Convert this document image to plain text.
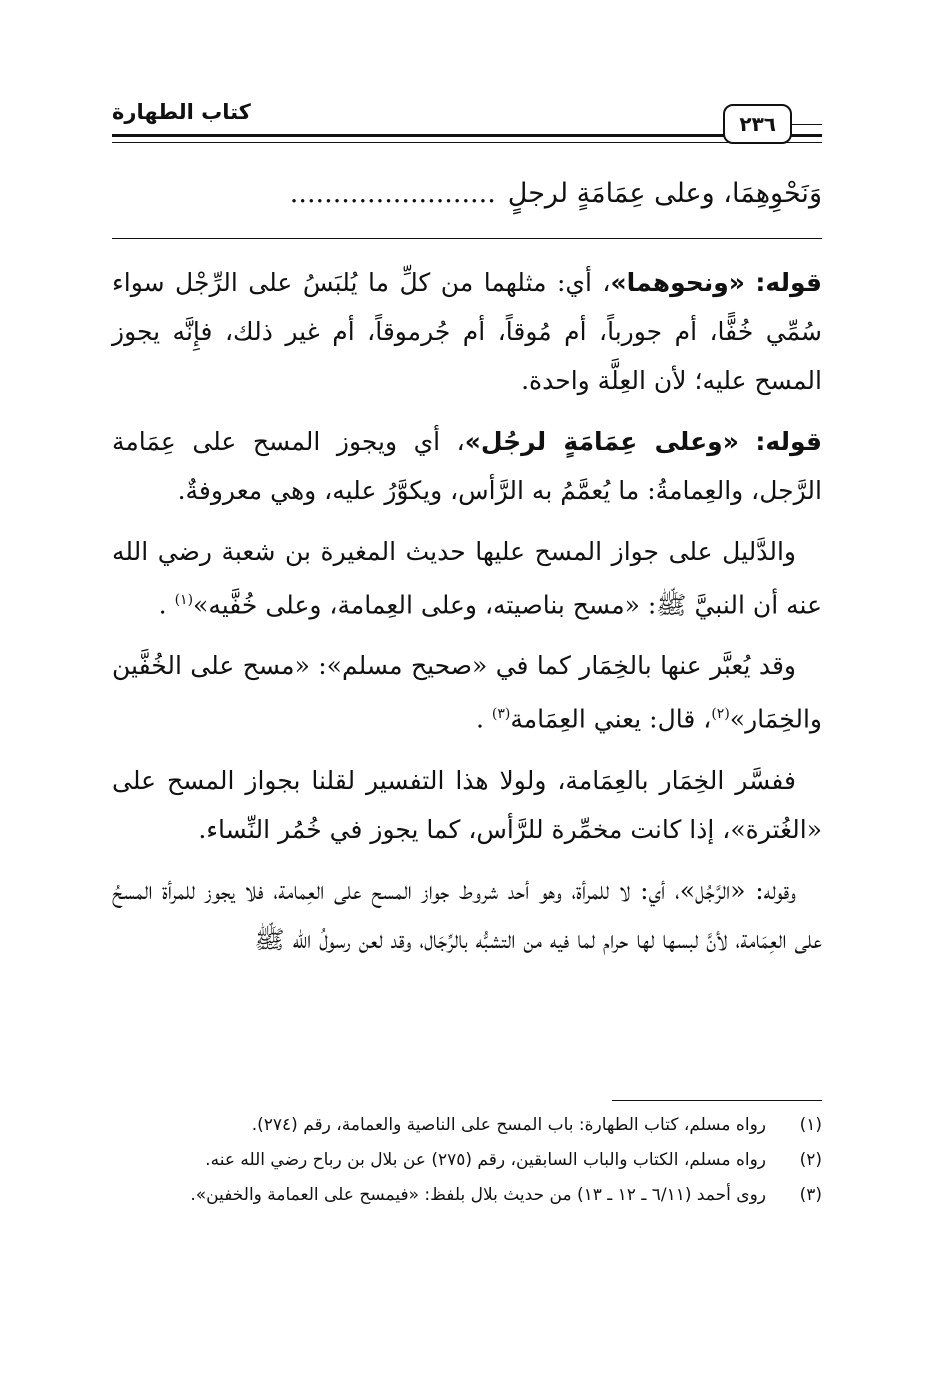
٢٣٦
كتاب الطهارة
وَنَحْوِهِمَا، وعلى عِمَامَةٍ لرجلٍ........................

قوله: «ونحوهما»، أي: مثلهما من كلِّ ما يُلبَسُ على الرِّجْل سواء سُمِّي خُفًّا، أم جورباً، أم مُوقاً، أم جُرموقاً، أم غير ذلك، فإِنَّه يجوز المسح عليه؛ لأن العِلَّة واحدة.

قوله: «وعلى عِمَامَةٍ لرجُل»، أي ويجوز المسح على عِمَامة الرَّجل، والعِمامةُ: ما يُعمَّمُ به الرَّأس، ويكوَّرُ عليه، وهي معروفةٌ.

والدَّليل على جواز المسح عليها حديث المغيرة بن شعبة رضي الله عنه أن النبيَّ ﷺ: «مسح بناصيته، وعلى العِمامة، وعلى خُفَّيه»$^{(١)}$ .

وقد يُعبَّر عنها بالخِمَار كما في «صحيح مسلم»: «مسح على الخُفَّين والخِمَار»$^{(٢)}$، قال: يعني العِمَامة$^{(٣)}$ .

ففسَّر الخِمَار بالعِمَامة، ولولا هذا التفسير لقلنا بجواز المسح على «الغُترة»، إذا كانت مخمِّرة للرَّأس، كما يجوز في خُمُر النِّساء.

وقوله: «الرَّجُل»، أي: لا للمرأة، وهو أحد شروط جواز المسح على العِمامة، فلا يجوز للمرأة المسحُ على العِمَامة، لأنَّ لبسها لها حرام لما فيه من التشبُّه بالرِّجَال، وقد لعن رسولُ الله ﷺ

(١)
رواه مسلم، كتاب الطهارة: باب المسح على الناصية والعمامة، رقم (٢٧٤).
(٢)
رواه مسلم، الكتاب والباب السابقين، رقم (٢٧٥) عن بلال بن رباح رضي الله عنه.
(٣)
روى أحمد (٦/١١ ـ ١٢ ـ ١٣) من حديث بلال بلفظ: «فيمسح على العمامة والخفين».
